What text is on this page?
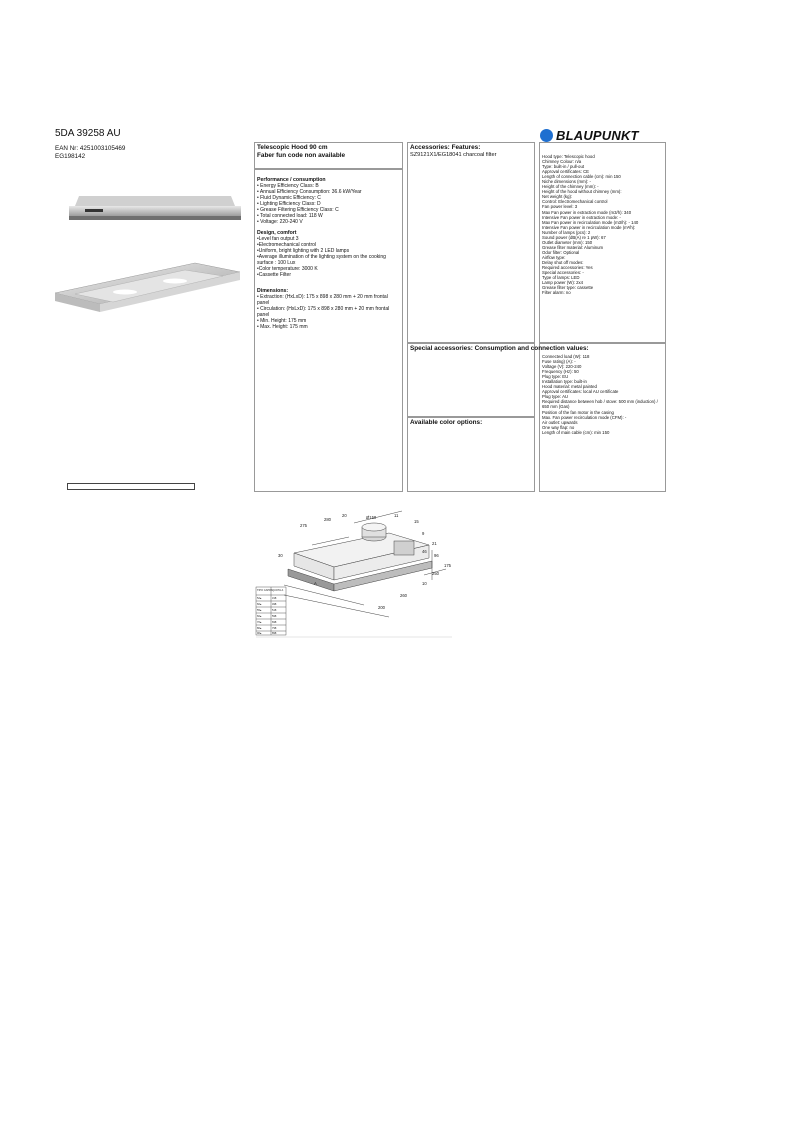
5DA 39258 AU
EAN Nr: 4251003105469
EG198142
BLAUPUNKT
Telescopic Hood 90 cm
Faber fun code non available
Performance / consumption
• Energy Efficiency Class: B
• Annual Efficiency Consumption: 36.6 kW/Year
• Fluid Dynamic Efficiency: C
• Lighting Efficiency Class: D
• Grease Filtering Efficiency Class: C
• Total connected load: 118 W
• Voltage: 220-240 V
Design, comfort
•Level fan output 3
•Electromechanical control
•Uniform, bright lighting with 2 LED lamps
•Average illumination of the lighting system on the cooking surface : 100 Lux
•Color temperature: 3000 K
•Cassette Filter
Dimensions:
• Extraction: (HxLxD): 175 x 898 x 280 mm + 20 mm frontal panel
• Circulation: (HxLxD): 175 x 898 x 280 mm + 20 mm frontal panel
• Min. Height: 175 mm
• Max. Height: 175 mm
Accessories: Features:
SZ9121X1/EG18041 charcoal filter
Special accessories: Consumption and connection values:
Available color options:
Hood type: Telescopic hood
Chimney Colour: n/a
Type: built-in / pull-out
Approval certificates: CE
Length of connection cable (cm): min 150
Niche dimensions (mm): -
Height of the chimney (mm): -
Height of the hood without chimney (mm):
Net weight (kg):
Control: Electromechanical control
Fan power level: 3
Max Fan power in extraction mode (m3/h): 340
Intensive Fan power in extraction mode: -
Max Fan power in recirculation mode (m3/h): - 140
Intensive Fan power in recirculation mode (m³/h):
Number of lamps (pcs): 2
Sound power (dB(A) re 1 pW): 67
Outlet diameter (mm): 150
Grease filter material: Aluminum
Odor filter: Optional
Airflow type:
Delay shut off modes:
Required accessories: Yes
Special accessories: -
Type of lamps: LED
Lamp power (W): 2x4
Grease filter type: cassette
Filter alarm: no
Connected load (W): 118
Fuse rating) (A): -
Voltage (V): 220-240
Frequency (Hz): 50
Plug type: EU
Installation type: built-in
Hood material: metal painted
Approval certificates: local AU certificate
Plug type: AU
Required distance between hob / stove: 500 mm (induction) / 650 mm (Gas)
Position of the fan motor in the casing
Max. Fan power recirculation mode (CFM): -
Air outlet: upwards
One way flap: no
Length of main cable (cm): min 150
275
280
20	Ø150	11
15
9
21
46
96
250
10
175
30
260
200
A
TIPO CAPPA QUOTA A
52●	318
60●	498
55●	518
60●	598
70●	698
80●	798
90●	898
